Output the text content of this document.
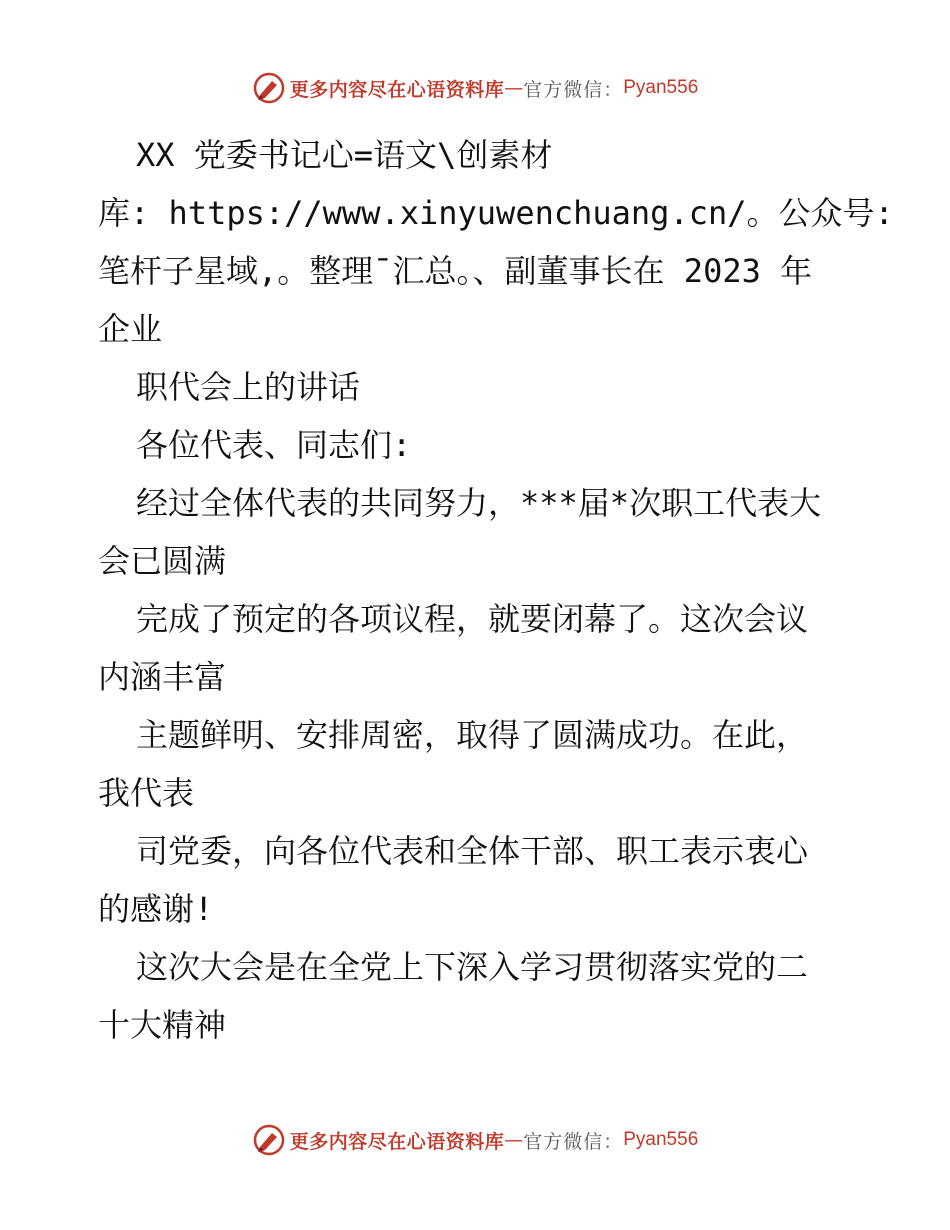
更多内容尽在心语资料库 — 官方微信： Pyan556
XX 党委书记心=语文\创素材
库: https://www.xinyuwenchuang.cn/。公众号:
笔杆子星域,。整理¯汇总。、副董事长在 2023 年
企业
职代会上的讲话
各位代表、同志们:
经过全体代表的共同努力，***届*次职工代表大
会已圆满
完成了预定的各项议程，就要闭幕了。这次会议
内涵丰富
主题鲜明、安排周密，取得了圆满成功。在此，
我代表
司党委，向各位代表和全体干部、职工表示衷心
的感谢!
这次大会是在全党上下深入学习贯彻落实党的二
十大精神
更多内容尽在心语资料库 — 官方微信： Pyan556
